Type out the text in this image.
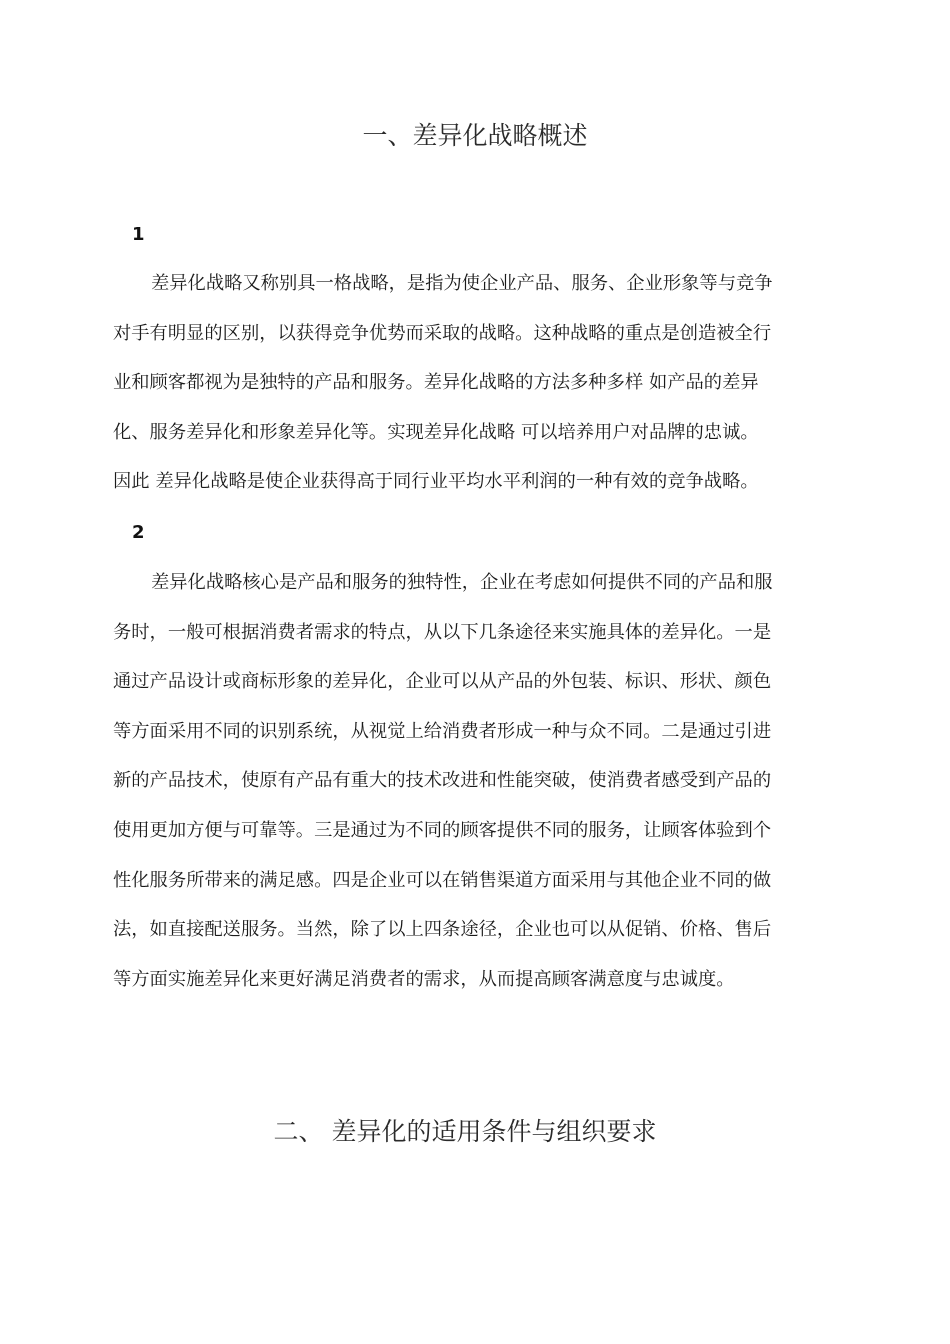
一、差异化战略概述
1
差异化战略又称别具一格战略，是指为使企业产品、服务、企业形象等与竞争
对手有明显的区别，以获得竞争优势而采取的战略。这种战略的重点是创造被全行
业和顾客都视为是独特的产品和服务。差异化战略的方法多种多样 如产品的差异
化、服务差异化和形象差异化等。实现差异化战略 可以培养用户对品牌的忠诚。
因此 差异化战略是使企业获得高于同行业平均水平利润的一种有效的竞争战略。
2
差异化战略核心是产品和服务的独特性，企业在考虑如何提供不同的产品和服
务时，一般可根据消费者需求的特点，从以下几条途径来实施具体的差异化。一是
通过产品设计或商标形象的差异化，企业可以从产品的外包装、标识、形状、颜色
等方面采用不同的识别系统，从视觉上给消费者形成一种与众不同。二是通过引进
新的产品技术，使原有产品有重大的技术改进和性能突破，使消费者感受到产品的
使用更加方便与可靠等。三是通过为不同的顾客提供不同的服务，让顾客体验到个
性化服务所带来的满足感。四是企业可以在销售渠道方面采用与其他企业不同的做
法，如直接配送服务。当然，除了以上四条途径，企业也可以从促销、价格、售后
等方面实施差异化来更好满足消费者的需求，从而提高顾客满意度与忠诚度。
二、 差异化的适用条件与组织要求
